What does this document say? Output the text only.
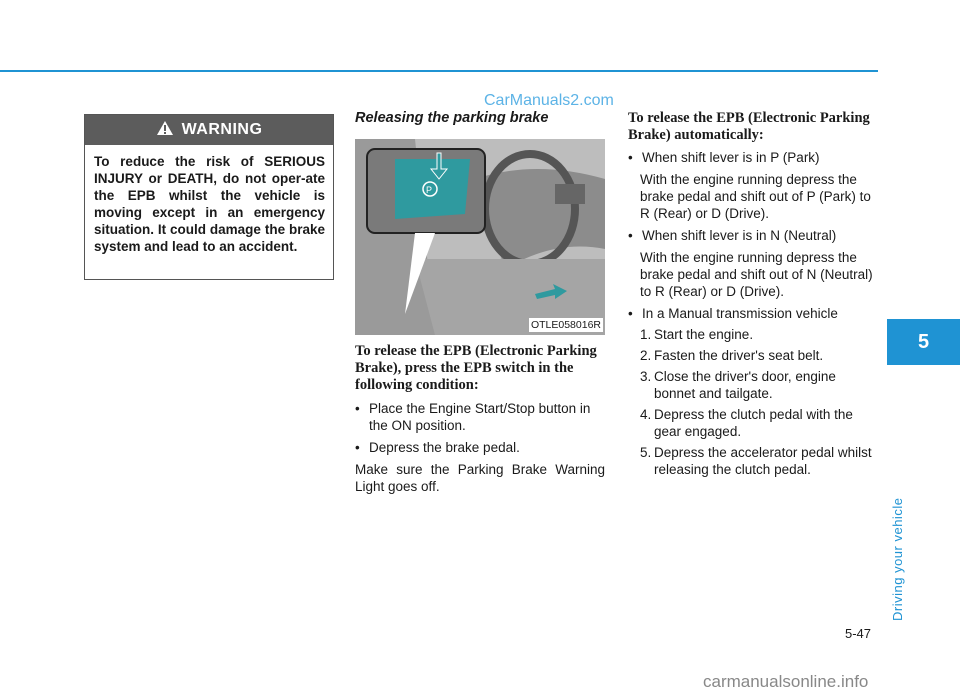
CarManuals2.com
WARNING
To reduce the risk of SERIOUS INJURY or DEATH, do not oper-ate the EPB whilst the vehicle is moving except in an emergency situation. It could damage the brake system and lead to an accident.

Releasing the parking brake

P
OTLE058016R

To release the EPB (Electronic Parking Brake), press the EPB switch in the following condition:

• Place the Engine Start/Stop button in the ON position.
• Depress the brake pedal.

Make sure the Parking Brake Warning Light goes off.

To release the EPB (Electronic Parking Brake) automatically:

• When shift lever is in P (Park)

With the engine running depress the brake pedal and shift out of P (Park) to R (Rear) or D (Drive).

• When shift lever is in N (Neutral)

With the engine running depress the brake pedal and shift out of N (Neutral) to R (Rear) or D (Drive).

• In a Manual transmission vehicle
1. Start the engine.
2. Fasten the driver's seat belt.
3. Close the driver's door, engine bonnet and tailgate.
4. Depress the clutch pedal with the gear engaged.
5. Depress the accelerator pedal whilst releasing the clutch pedal.
5
Driving your vehicle
5-47
carmanualsonline.info
